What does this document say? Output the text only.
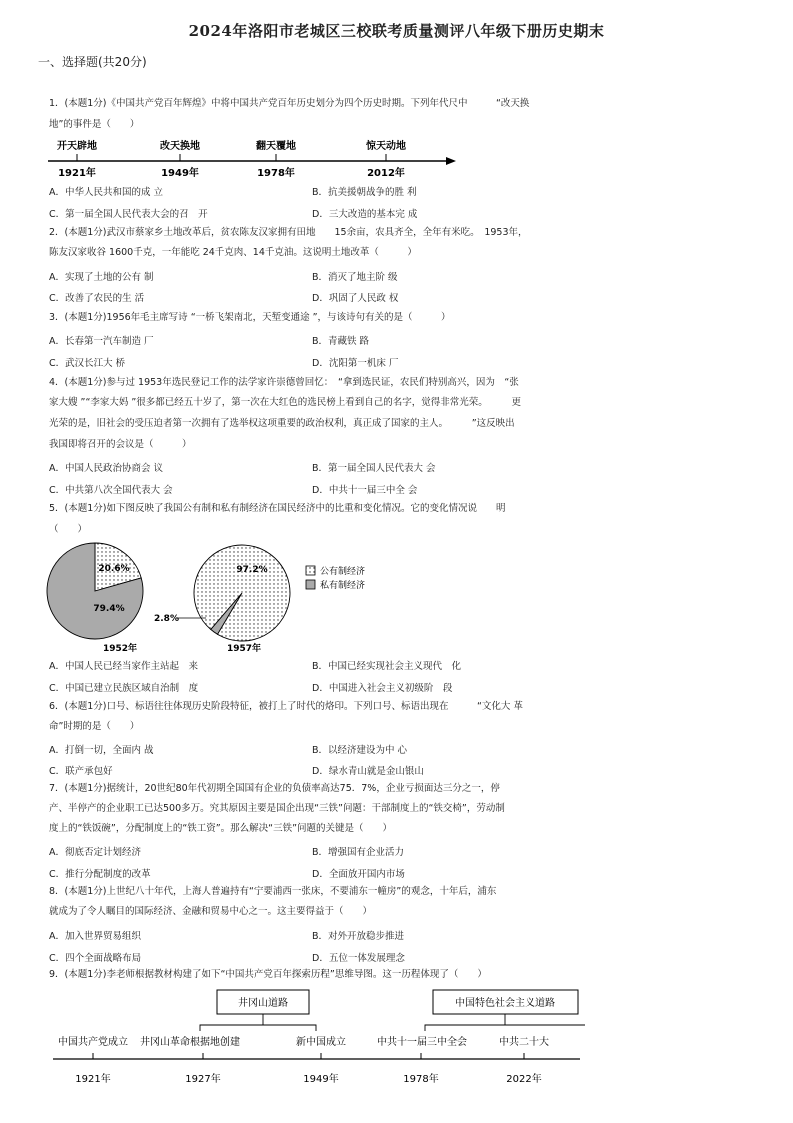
2024年洛阳市老城区三校联考质量测评八年级下册历史期末
一、选择题(共20分)
1．(本题1分)《中国共产党百年辉煌》中将中国共产党百年历史划分为四个历史时期。下列年代尺中　　　“改天换
地”的事件是（　　）
开天辟地	改天换地	翻天覆地	惊天动地
1921年	1949年	1978年	2012年
A．中华人民共和国的成 立	B．抗美援朝战争的胜 利
C．第一届全国人民代表大会的召　开	D．三大改造的基本完 成
2．(本题1分)武汉市蔡家乡土地改革后，贫农陈友汉家拥有田地　　15余亩，农具齐全，全年有米吃。　1953年，
陈友汉家收谷 1600千克，一年能吃 24千克肉、14千克油。这说明土地改革（　　　）
A．实现了土地的公有 制	B．消灭了地主阶 级
C．改善了农民的生 活	D．巩固了人民政 权
3．(本题1分)1956年毛主席写诗 “一桥飞架南北，天堑变通途 ”，与该诗句有关的是（　　　）
A．长春第一汽车制造 厂	B．青藏铁 路
C．武汉长江大 桥	D．沈阳第一机床 厂
4．(本题1分)参与过 1953年选民登记工作的法学家许崇德曾回忆：　“拿到选民证，农民们特别高兴，因为　“张
家大嫂 ”“李家大妈 ”很多都已经五十岁了，第一次在大红色的选民榜上看到自己的名字，觉得非常光荣。　　　更
光荣的是，旧社会的受压迫者第一次拥有了选举权这项重要的政治权利，真正成了国家的主人。　　　”这反映出
我国即将召开的会议是（　　　）
A．中国人民政治协商会 议	B．第一届全国人民代表大 会
C．中共第八次全国代表大 会	D．中共十一届三中全 会
5．(本题1分)如下图反映了我国公有制和私有制经济在国民经济中的比重和变化情况。它的变化情况说　　明
（　　）
79.4%
20.6%
1952年
97.2%
2.8%
1957年
公有制经济
私有制经济
A．中国人民已经当家作主站起　来	B．中国已经实现社会主义现代　化
C．中国已建立民族区域自治制　度	D．中国进入社会主义初级阶　段
6．(本题1分)口号、标语往往体现历史阶段特征，被打上了时代的烙印。下列口号、标语出现在　　　“文化大 革
命”时期的是（　　）
A．打倒一切，全面内 战	B．以经济建设为中 心
C．联产承包好	D．绿水青山就是金山银山
7．(本题1分)据统计，20世纪80年代初期全国国有企业的负债率高达75．7%，企业亏损面达三分之一，停
产、半停产的企业职工已达500多万。究其原因主要是国企出现“三铁”问题：干部制度上的“铁交椅”，劳动制
度上的“铁饭碗”，分配制度上的“铁工资”。那么解决“三铁”问题的关键是（　　）
A．彻底否定计划经济	B．增强国有企业活力
C．推行分配制度的改革	D．全面放开国内市场
8．(本题1分)上世纪八十年代，上海人普遍持有“宁要浦西一张床，不要浦东一幢房”的观念，十年后，浦东
就成为了令人瞩目的国际经济、金融和贸易中心之一。这主要得益于（　　）
A．加入世界贸易组织	B．对外开放稳步推进
C．四个全面战略布局	D．五位一体发展理念
9．(本题1分)李老师根据教材构建了如下“中国共产党百年探索历程”思维导图。这一历程体现了（　　）
井冈山道路	中国特色社会主义道路
中国共产党成立 井冈山革命根据地创建	新中国成立	中共十一届三中全会	中共二十大
1921年	1927年	1949年	1978年	2022年
